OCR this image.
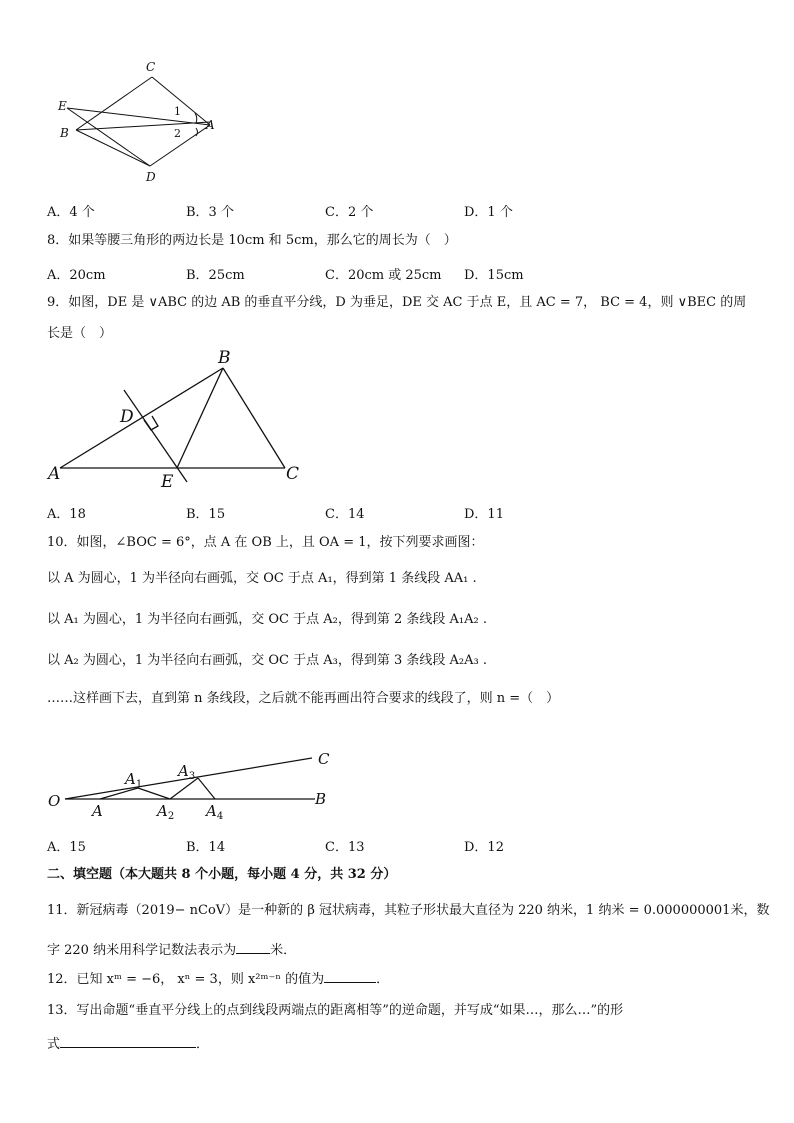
C
E
B
D
A
1
2
A．4 个	B．3 个	C．2 个	D．1 个
8．如果等腰三角形的两边长是 10cm 和 5cm，那么它的周长为（　）
A．20cm	B．25cm	C．20cm 或 25cm D．15cm
9．如图，DE 是 ∨ABC 的边 AB 的垂直平分线，D 为垂足，DE 交 AC 于点 E，且 AC = 7， BC = 4，则 ∨BEC 的周
长是（　）
B
D
A	E	C
A．18	B．15	C．14	D．11
10．如图，∠BOC = 6°，点 A 在 OB 上，且 OA = 1，按下列要求画图：
以 A 为圆心，1 为半径向右画弧，交 OC 于点 A₁，得到第 1 条线段 AA₁ .
以 A₁ 为圆心，1 为半径向右画弧，交 OC 于点 A₂，得到第 2 条线段 A₁A₂ .
以 A₂ 为圆心，1 为半径向右画弧，交 OC 于点 A₃，得到第 3 条线段 A₂A₃ .
……这样画下去，直到第 n 条线段，之后就不能再画出符合要求的线段了，则 n =（　）
O
A
$A_1$
$A_2$
$A_3$
$A_4$
B
C
A．15	B．14	C．13	D．12
二、填空题（本大题共 8 个小题，每小题 4 分，共 32 分）
11．新冠病毒（2019− nCoV）是一种新的 β 冠状病毒，其粒子形状最大直径为 220 纳米，1 纳米 = 0.000000001米，数
字 220 纳米用科学记数法表示为	米．
12．已知 xᵐ = −6， xⁿ = 3，则 x²ᵐ⁻ⁿ 的值为	．
13．写出命题“垂直平分线上的点到线段两端点的距离相等”的逆命题，并写成“如果…，那么…”的形
式	．
